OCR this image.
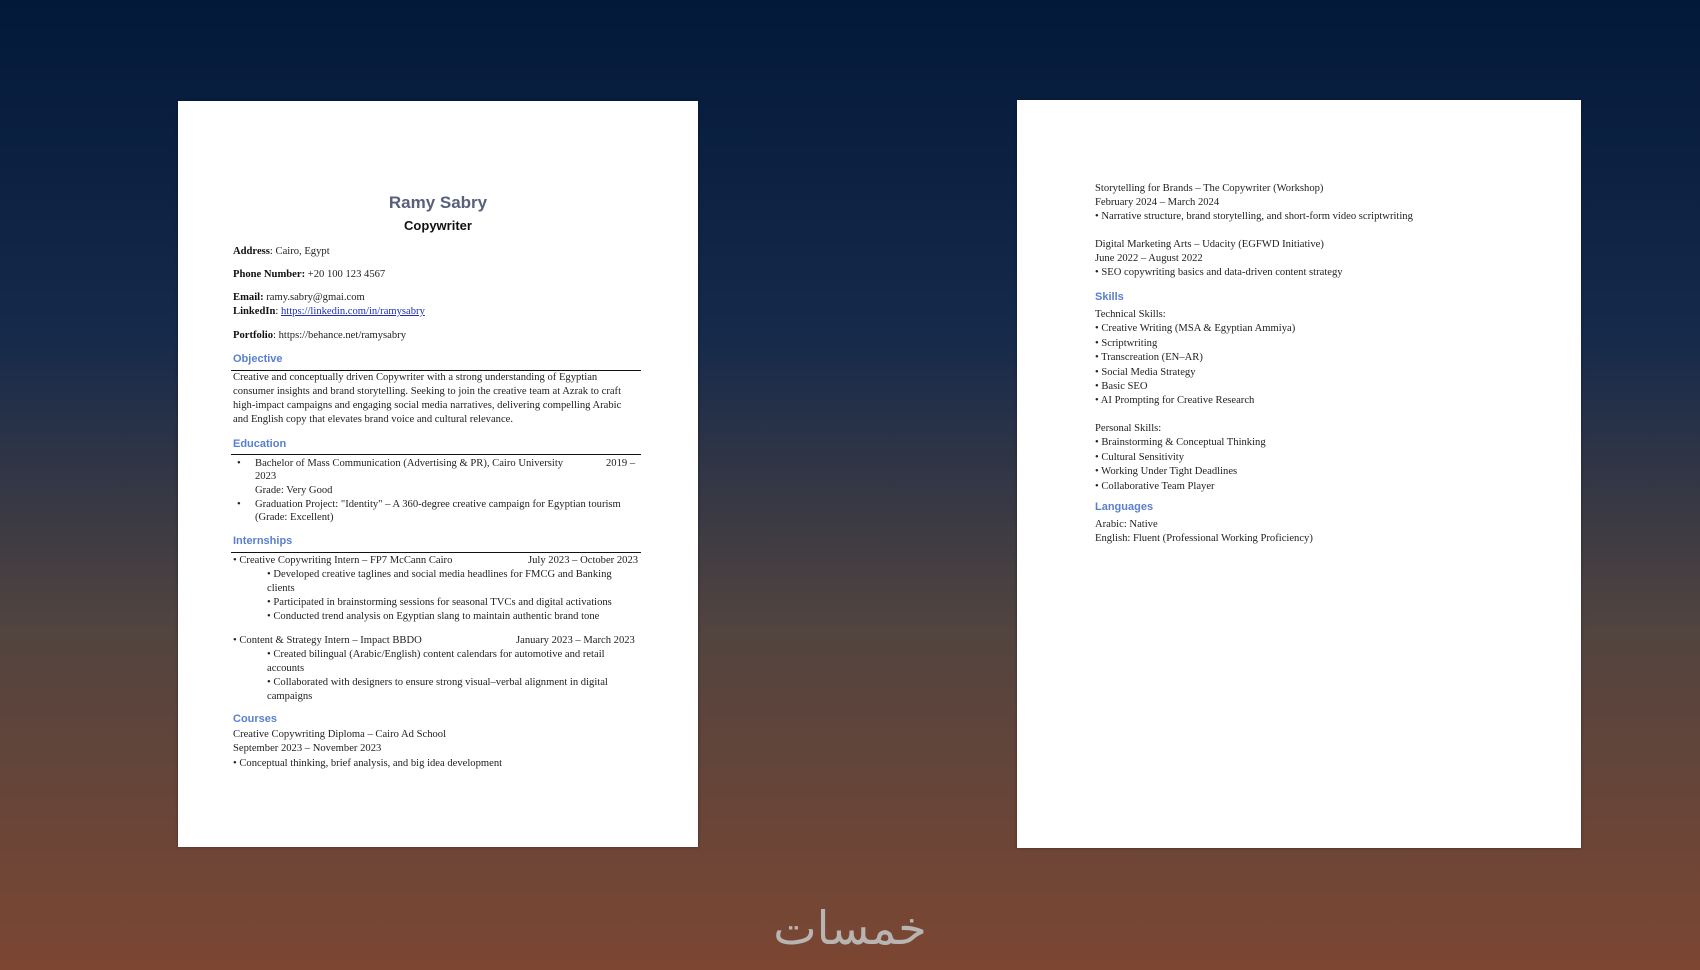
Ramy Sabry
Copywriter
Address: Cairo, Egypt
Phone Number: +20 100 123 4567
Email: ramy.sabry@gmai.com
LinkedIn: https://linkedin.com/in/ramysabry
Portfolio: https://behance.net/ramysabry
Objective
Creative and conceptually driven Copywriter with a strong understanding of Egyptian
consumer insights and brand storytelling. Seeking to join the creative team at Azrak to craft
high-impact campaigns and engaging social media narratives, delivering compelling Arabic
and English copy that elevates brand voice and cultural relevance.
Education
• Bachelor of Mass Communication (Advertising & PR), Cairo University	2019 –
2023
Grade: Very Good
• Graduation Project: "Identity" – A 360-degree creative campaign for Egyptian tourism
(Grade: Excellent)
Internships
• Creative Copywriting Intern – FP7 McCann Cairo	July 2023 – October 2023
• Developed creative taglines and social media headlines for FMCG and Banking
clients
• Participated in brainstorming sessions for seasonal TVCs and digital activations
• Conducted trend analysis on Egyptian slang to maintain authentic brand tone
• Content & Strategy Intern – Impact BBDO	January 2023 – March 2023
• Created bilingual (Arabic/English) content calendars for automotive and retail
accounts
• Collaborated with designers to ensure strong visual–verbal alignment in digital
campaigns
Courses
Creative Copywriting Diploma – Cairo Ad School
September 2023 – November 2023
• Conceptual thinking, brief analysis, and big idea development
Storytelling for Brands – The Copywriter (Workshop)
February 2024 – March 2024
• Narrative structure, brand storytelling, and short-form video scriptwriting
Digital Marketing Arts – Udacity (EGFWD Initiative)
June 2022 – August 2022
• SEO copywriting basics and data-driven content strategy
Skills
Technical Skills:
• Creative Writing (MSA & Egyptian Ammiya)
• Scriptwriting
• Transcreation (EN–AR)
• Social Media Strategy
• Basic SEO
• AI Prompting for Creative Research
Personal Skills:
• Brainstorming & Conceptual Thinking
• Cultural Sensitivity
• Working Under Tight Deadlines
• Collaborative Team Player
Languages
Arabic: Native
English: Fluent (Professional Working Proficiency)
خمسات
